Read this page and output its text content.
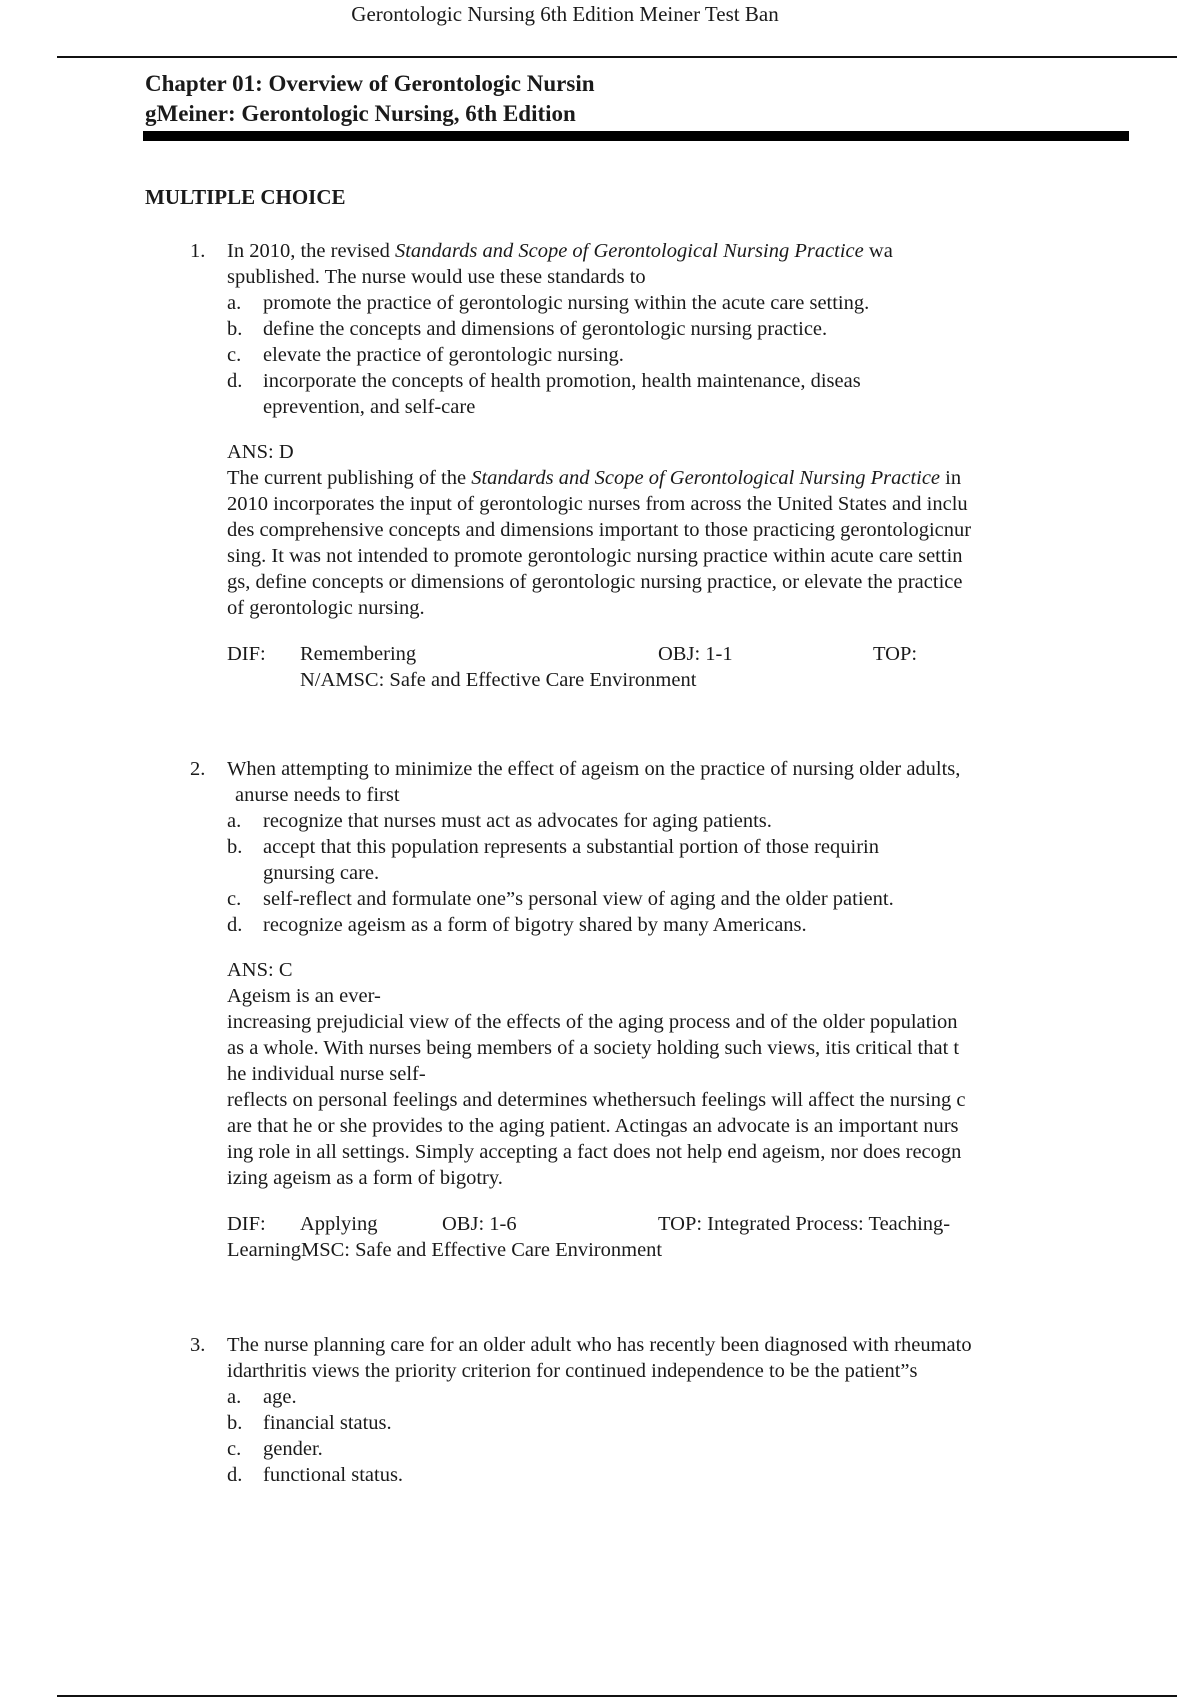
Gerontologic Nursing 6th Edition Meiner Test Ban
Chapter 01: Overview of Gerontologic Nursin
gMeiner: Gerontologic Nursing, 6th Edition
MULTIPLE CHOICE
1. In 2010, the revised Standards and Scope of Gerontological Nursing Practice wa
spublished. The nurse would use these standards to
a. promote the practice of gerontologic nursing within the acute care setting.
b. define the concepts and dimensions of gerontologic nursing practice.
c. elevate the practice of gerontologic nursing.
d. incorporate the concepts of health promotion, health maintenance, diseas
eprevention, and self-care
ANS: D
The current publishing of the Standards and Scope of Gerontological Nursing Practice in
2010 incorporates the input of gerontologic nurses from across the United States and inclu
des comprehensive concepts and dimensions important to those practicing gerontologicnur
sing. It was not intended to promote gerontologic nursing practice within acute care settin
gs, define concepts or dimensions of gerontologic nursing practice, or elevate the practice
of gerontologic nursing.
DIF: Remembering	OBJ: 1-1	TOP:
N/AMSC: Safe and Effective Care Environment
2. When attempting to minimize the effect of ageism on the practice of nursing older adults,
anurse needs to first
a. recognize that nurses must act as advocates for aging patients.
b. accept that this population represents a substantial portion of those requirin
gnursing care.
c. self-reflect and formulate one”s personal view of aging and the older patient.
d. recognize ageism as a form of bigotry shared by many Americans.
ANS: C
Ageism is an ever-
increasing prejudicial view of the effects of the aging process and of the older population
as a whole. With nurses being members of a society holding such views, itis critical that t
he individual nurse self-
reflects on personal feelings and determines whethersuch feelings will affect the nursing c
are that he or she provides to the aging patient. Actingas an advocate is an important nurs
ing role in all settings. Simply accepting a fact does not help end ageism, nor does recogn
izing ageism as a form of bigotry.
DIF: Applying	OBJ: 1-6	TOP: Integrated Process: Teaching-
LearningMSC: Safe and Effective Care Environment
3. The nurse planning care for an older adult who has recently been diagnosed with rheumato
idarthritis views the priority criterion for continued independence to be the patient”s
a. age.
b. financial status.
c. gender.
d. functional status.
